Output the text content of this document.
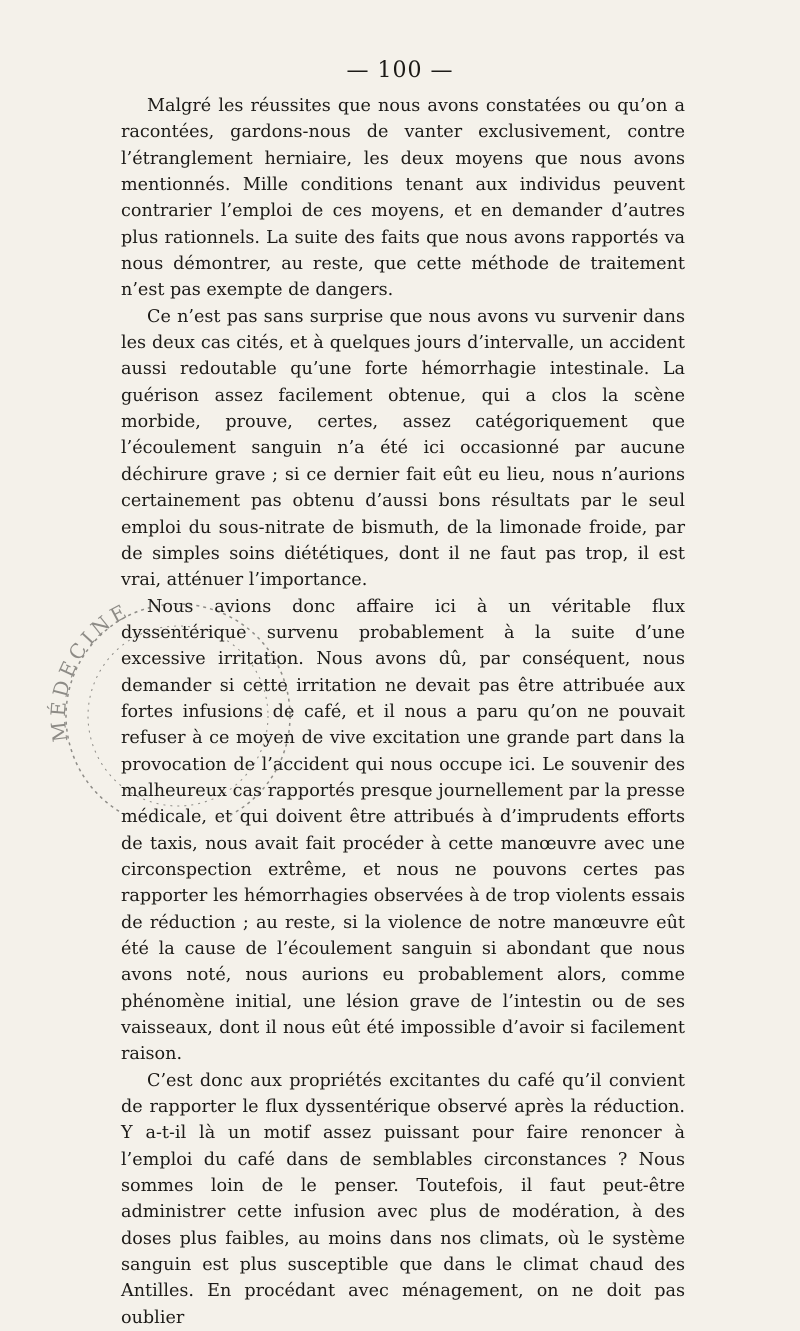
— 100 —

Malgré les réussites que nous avons constatées ou qu’on a racontées, gardons-nous de vanter exclusivement, contre l’étranglement herniaire, les deux moyens que nous avons mentionnés. Mille conditions tenant aux individus peuvent contrarier l’emploi de ces moyens, et en demander d’autres plus rationnels. La suite des faits que nous avons rapportés va nous démontrer, au reste, que cette méthode de traitement n’est pas exempte de dangers.

Ce n’est pas sans surprise que nous avons vu survenir dans les deux cas cités, et à quelques jours d’intervalle, un accident aussi redoutable qu’une forte hémorrhagie intestinale. La guérison assez facilement obtenue, qui a clos la scène morbide, prouve, certes, assez catégoriquement que l’écoulement sanguin n’a été ici occasionné par aucune déchirure grave ; si ce dernier fait eût eu lieu, nous n’aurions certainement pas obtenu d’aussi bons résultats par le seul emploi du sous-nitrate de bismuth, de la limonade froide, par de simples soins diététiques, dont il ne faut pas trop, il est vrai, atténuer l’importance.

Nous avions donc affaire ici à un véritable flux dyssentérique survenu probablement à la suite d’une excessive irritation. Nous avons dû, par conséquent, nous demander si cette irritation ne devait pas être attribuée aux fortes infusions de café, et il nous a paru qu’on ne pouvait refuser à ce moyen de vive excitation une grande part dans la provocation de l’accident qui nous occupe ici. Le souvenir des malheureux cas rapportés presque journellement par la presse médicale, et qui doivent être attribués à d’imprudents efforts de taxis, nous avait fait procéder à cette manœuvre avec une circonspection extrême, et nous ne pouvons certes pas rapporter les hémorrhagies observées à de trop violents essais de réduction ; au reste, si la violence de notre manœuvre eût été la cause de l’écoulement sanguin si abondant que nous avons noté, nous aurions eu probablement alors, comme phénomène initial, une lésion grave de l’intestin ou de ses vaisseaux, dont il nous eût été impossible d’avoir si facilement raison.

C’est donc aux propriétés excitantes du café qu’il convient de rapporter le flux dyssentérique observé après la réduction. Y a-t-il là un motif assez puissant pour faire renoncer à l’emploi du café dans de semblables circonstances ? Nous sommes loin de le penser. Toutefois, il faut peut-être administrer cette infusion avec plus de modération, à des doses plus faibles, au moins dans nos climats, où le système sanguin est plus susceptible que dans le climat chaud des Antilles. En procédant avec ménagement, on ne doit pas oublier

MÉDECINE
